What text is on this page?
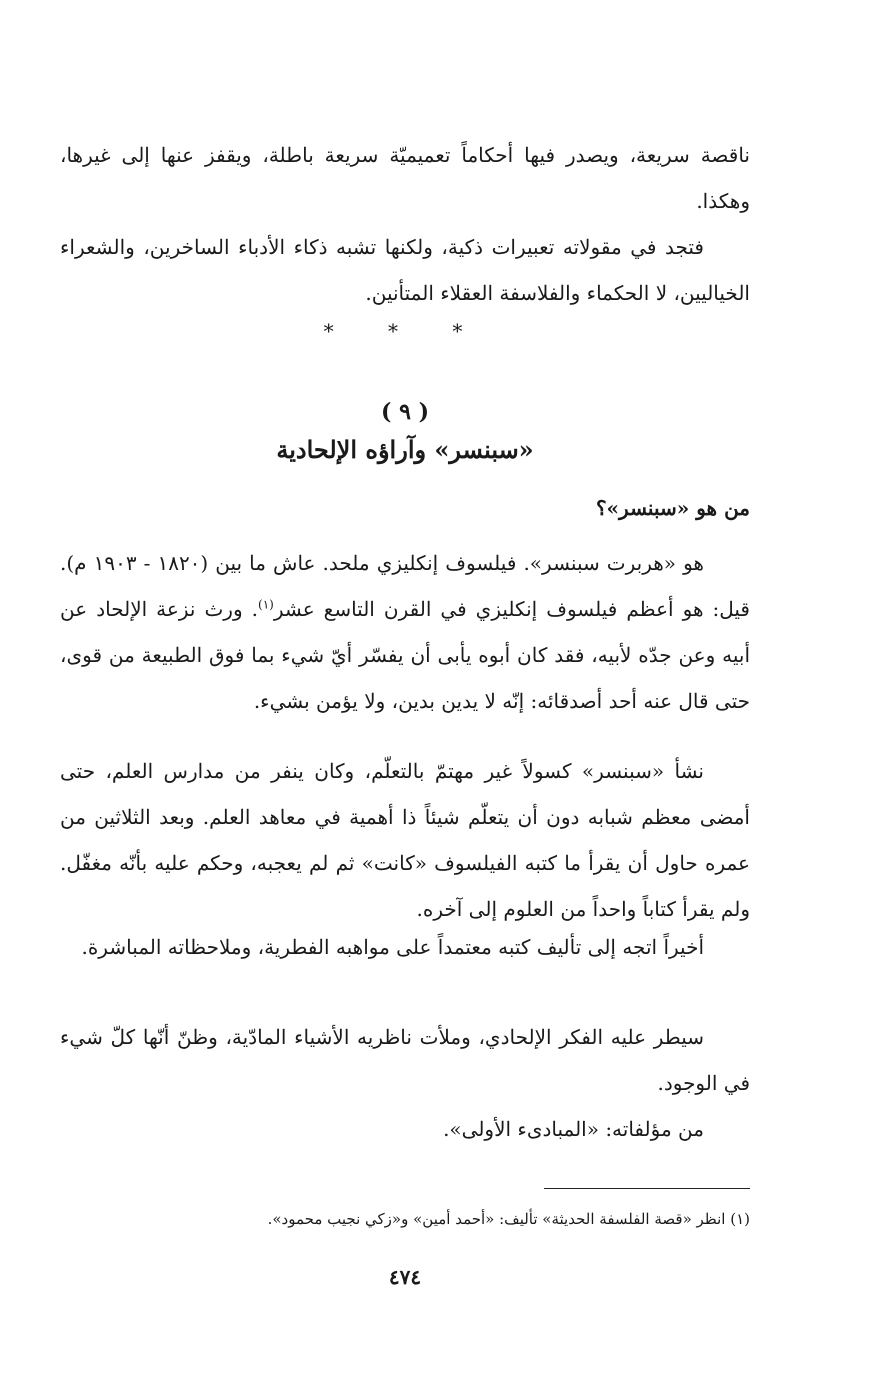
ناقصة سريعة، ويصدر فيها أحكاماً تعميميّة سريعة باطلة، ويقفز عنها إلى غيرها، وهكذا.

فتجد في مقولاته تعبيرات ذكية، ولكنها تشبه ذكاء الأدباء الساخرين، والشعراء الخياليين، لا الحكماء والفلاسفة العقلاء المتأنين.

* * *
( ٩ )
«سبنسر» وآراؤه الإلحادية
من هو «سبنسر»؟

هو «هربرت سبنسر». فيلسوف إنكليزي ملحد. عاش ما بين (١٨٢٠ - ١٩٠٣ م). قيل: هو أعظم فيلسوف إنكليزي في القرن التاسع عشر$^{(١)}$. ورث نزعة الإلحاد عن أبيه وعن جدّه لأبيه، فقد كان أبوه يأبى أن يفسّر أيّ شيء بما فوق الطبيعة من قوى، حتى قال عنه أحد أصدقائه: إنّه لا يدين بدين، ولا يؤمن بشيء.

نشأ «سبنسر» كسولاً غير مهتمّ بالتعلّم، وكان ينفر من مدارس العلم، حتى أمضى معظم شبابه دون أن يتعلّم شيئاً ذا أهمية في معاهد العلم. وبعد الثلاثين من عمره حاول أن يقرأ ما كتبه الفيلسوف «كانت» ثم لم يعجبه، وحكم عليه بأنّه مغفّل. ولم يقرأ كتاباً واحداً من العلوم إلى آخره.

أخيراً اتجه إلى تأليف كتبه معتمداً على مواهبه الفطرية، وملاحظاته المباشرة.

سيطر عليه الفكر الإلحادي، وملأت ناظريه الأشياء المادّية، وظنّ أنّها كلّ شيء في الوجود.

من مؤلفاته: «المبادىء الأولى».

(١) انظر «قصة الفلسفة الحديثة» تأليف: «أحمد أمين» و«زكي نجيب محمود».
٤٧٤
